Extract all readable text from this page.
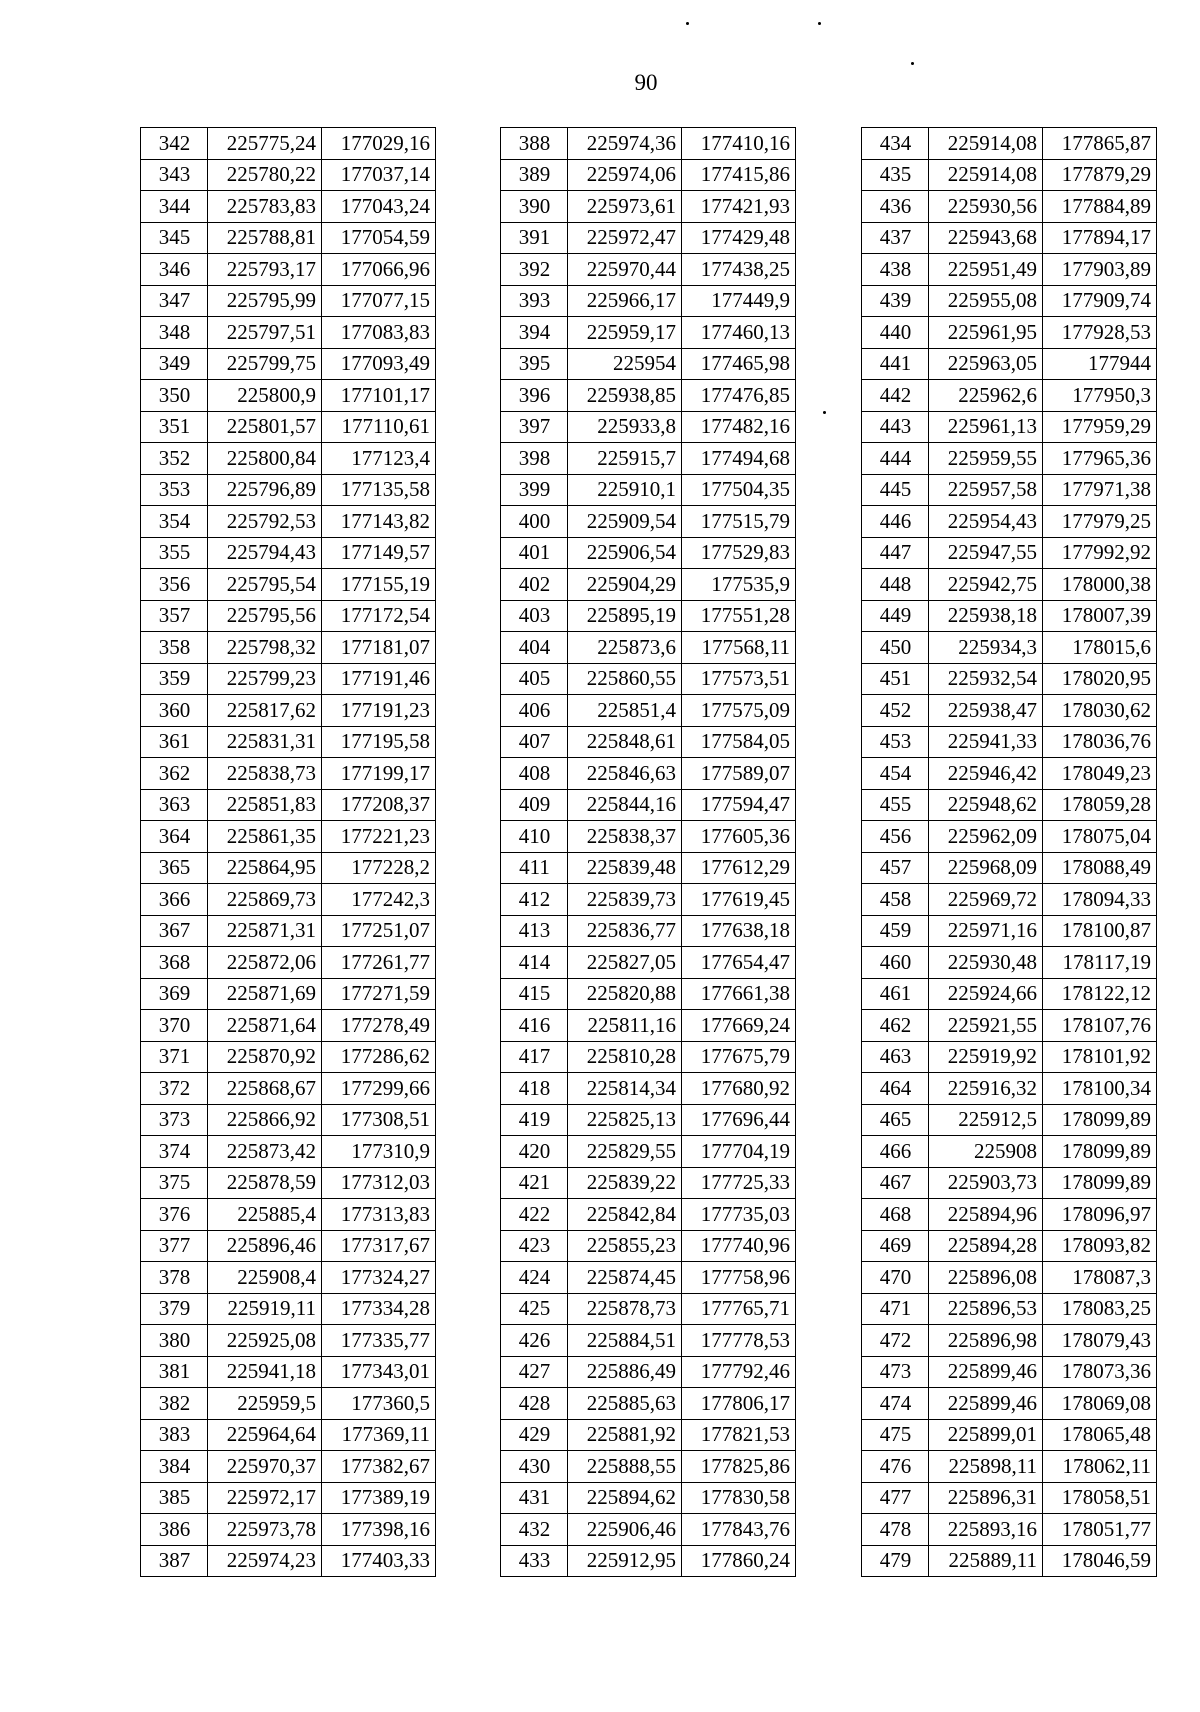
90
342	225775,24	177029,16
343	225780,22	177037,14
344	225783,83	177043,24
345	225788,81	177054,59
346	225793,17	177066,96
347	225795,99	177077,15
348	225797,51	177083,83
349	225799,75	177093,49
350	225800,9	177101,17
351	225801,57	177110,61
352	225800,84	177123,4
353	225796,89	177135,58
354	225792,53	177143,82
355	225794,43	177149,57
356	225795,54	177155,19
357	225795,56	177172,54
358	225798,32	177181,07
359	225799,23	177191,46
360	225817,62	177191,23
361	225831,31	177195,58
362	225838,73	177199,17
363	225851,83	177208,37
364	225861,35	177221,23
365	225864,95	177228,2
366	225869,73	177242,3
367	225871,31	177251,07
368	225872,06	177261,77
369	225871,69	177271,59
370	225871,64	177278,49
371	225870,92	177286,62
372	225868,67	177299,66
373	225866,92	177308,51
374	225873,42	177310,9
375	225878,59	177312,03
376	225885,4	177313,83
377	225896,46	177317,67
378	225908,4	177324,27
379	225919,11	177334,28
380	225925,08	177335,77
381	225941,18	177343,01
382	225959,5	177360,5
383	225964,64	177369,11
384	225970,37	177382,67
385	225972,17	177389,19
386	225973,78	177398,16
387	225974,23	177403,33
388	225974,36	177410,16
389	225974,06	177415,86
390	225973,61	177421,93
391	225972,47	177429,48
392	225970,44	177438,25
393	225966,17	177449,9
394	225959,17	177460,13
395	225954	177465,98
396	225938,85	177476,85
397	225933,8	177482,16
398	225915,7	177494,68
399	225910,1	177504,35
400	225909,54	177515,79
401	225906,54	177529,83
402	225904,29	177535,9
403	225895,19	177551,28
404	225873,6	177568,11
405	225860,55	177573,51
406	225851,4	177575,09
407	225848,61	177584,05
408	225846,63	177589,07
409	225844,16	177594,47
410	225838,37	177605,36
411	225839,48	177612,29
412	225839,73	177619,45
413	225836,77	177638,18
414	225827,05	177654,47
415	225820,88	177661,38
416	225811,16	177669,24
417	225810,28	177675,79
418	225814,34	177680,92
419	225825,13	177696,44
420	225829,55	177704,19
421	225839,22	177725,33
422	225842,84	177735,03
423	225855,23	177740,96
424	225874,45	177758,96
425	225878,73	177765,71
426	225884,51	177778,53
427	225886,49	177792,46
428	225885,63	177806,17
429	225881,92	177821,53
430	225888,55	177825,86
431	225894,62	177830,58
432	225906,46	177843,76
433	225912,95	177860,24
434	225914,08	177865,87
435	225914,08	177879,29
436	225930,56	177884,89
437	225943,68	177894,17
438	225951,49	177903,89
439	225955,08	177909,74
440	225961,95	177928,53
441	225963,05	177944
442	225962,6	177950,3
443	225961,13	177959,29
444	225959,55	177965,36
445	225957,58	177971,38
446	225954,43	177979,25
447	225947,55	177992,92
448	225942,75	178000,38
449	225938,18	178007,39
450	225934,3	178015,6
451	225932,54	178020,95
452	225938,47	178030,62
453	225941,33	178036,76
454	225946,42	178049,23
455	225948,62	178059,28
456	225962,09	178075,04
457	225968,09	178088,49
458	225969,72	178094,33
459	225971,16	178100,87
460	225930,48	178117,19
461	225924,66	178122,12
462	225921,55	178107,76
463	225919,92	178101,92
464	225916,32	178100,34
465	225912,5	178099,89
466	225908	178099,89
467	225903,73	178099,89
468	225894,96	178096,97
469	225894,28	178093,82
470	225896,08	178087,3
471	225896,53	178083,25
472	225896,98	178079,43
473	225899,46	178073,36
474	225899,46	178069,08
475	225899,01	178065,48
476	225898,11	178062,11
477	225896,31	178058,51
478	225893,16	178051,77
479	225889,11	178046,59
